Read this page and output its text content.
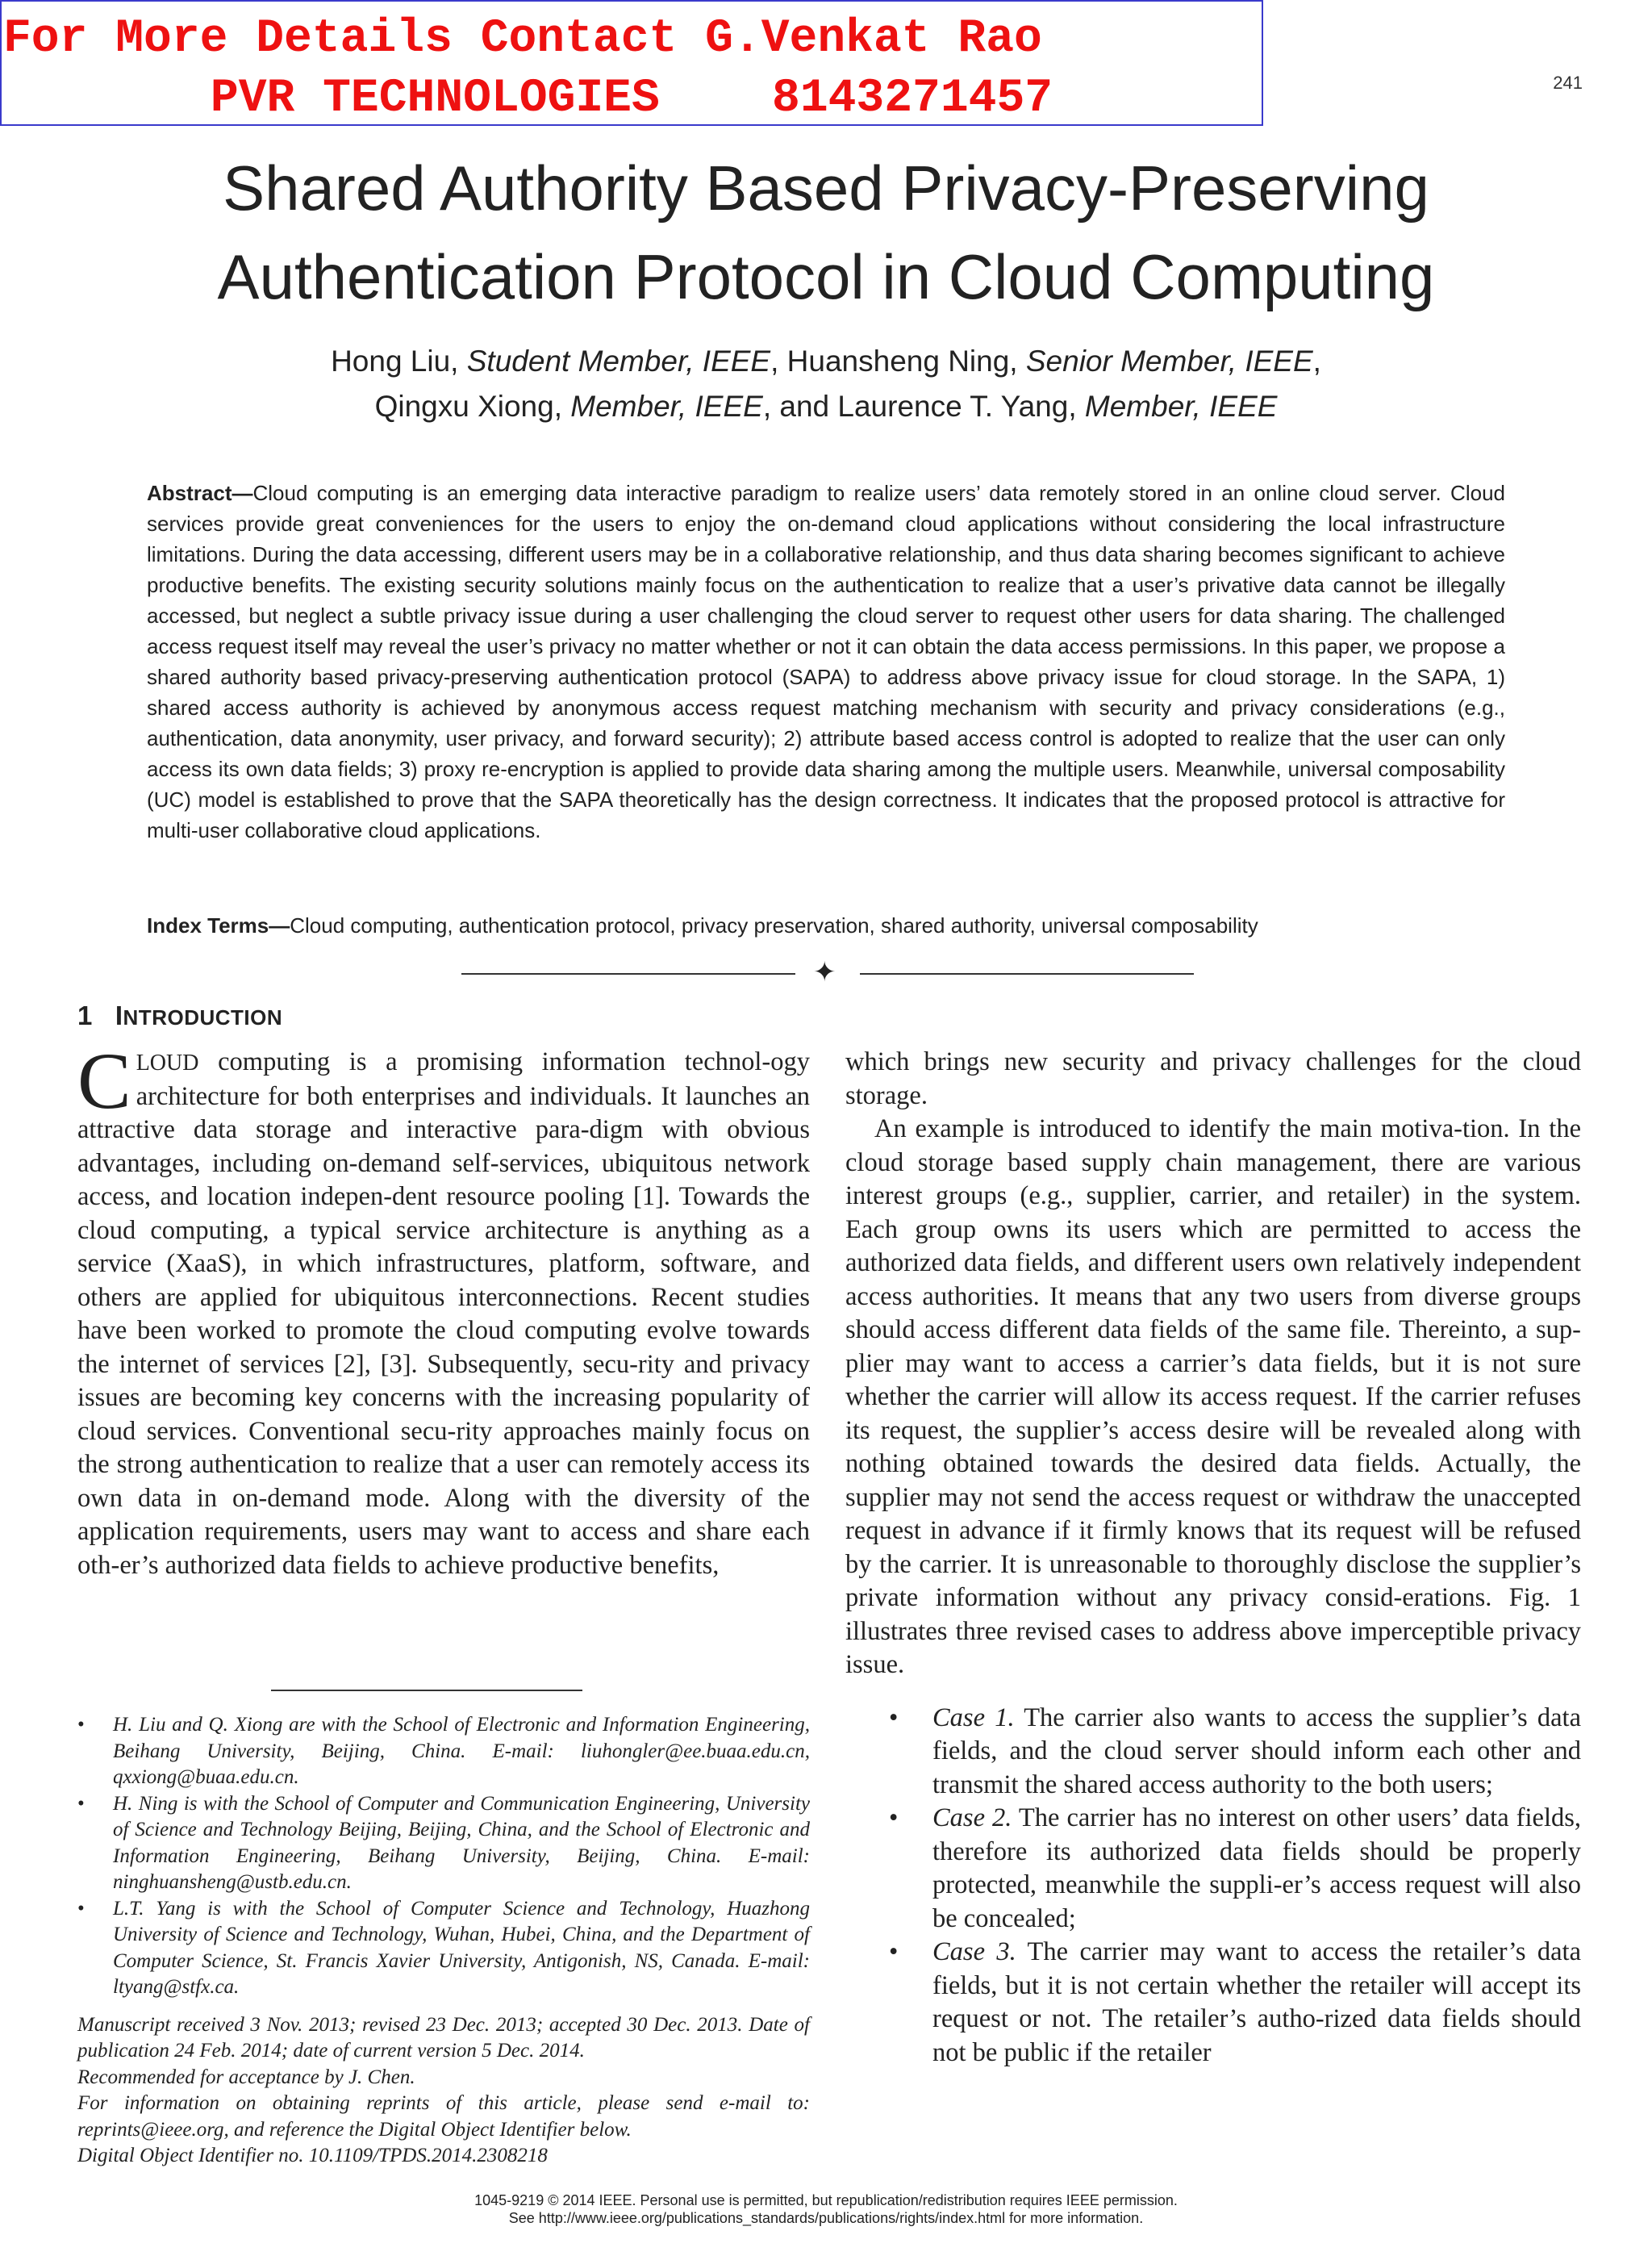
For More Details Contact G.Venkat Rao
PVR TECHNOLOGIES    8143271457	241
Shared Authority Based Privacy-Preserving
Authentication Protocol in Cloud Computing
Hong Liu, Student Member, IEEE, Huansheng Ning, Senior Member, IEEE,
Qingxu Xiong, Member, IEEE, and Laurence T. Yang, Member, IEEE
Abstract—Cloud computing is an emerging data interactive paradigm to realize users’ data remotely stored in an online cloud server. Cloud services provide great conveniences for the users to enjoy the on-demand cloud applications without considering the local infrastructure limitations. During the data accessing, different users may be in a collaborative relationship, and thus data sharing becomes significant to achieve productive benefits. The existing security solutions mainly focus on the authentication to realize that a user’s privative data cannot be illegally accessed, but neglect a subtle privacy issue during a user challenging the cloud server to request other users for data sharing. The challenged access request itself may reveal the user’s privacy no matter whether or not it can obtain the data access permissions. In this paper, we propose a shared authority based privacy-preserving authentication protocol (SAPA) to address above privacy issue for cloud storage. In the SAPA, 1) shared access authority is achieved by anonymous access request matching mechanism with security and privacy considerations (e.g., authentication, data anonymity, user privacy, and forward security); 2) attribute based access control is adopted to realize that the user can only access its own data fields; 3) proxy re-encryption is applied to provide data sharing among the multiple users. Meanwhile, universal composability (UC) model is established to prove that the SAPA theoretically has the design correctness. It indicates that the proposed protocol is attractive for multi-user collaborative cloud applications.
Index Terms—Cloud computing, authentication protocol, privacy preservation, shared authority, universal composability
✦
1 INTRODUCTION

CLOUD computing is a promising information technol-ogy architecture for both enterprises and individuals. It launches an attractive data storage and interactive para-digm with obvious advantages, including on-demand self-services, ubiquitous network access, and location indepen-dent resource pooling [1]. Towards the cloud computing, a typical service architecture is anything as a service (XaaS), in which infrastructures, platform, software, and others are applied for ubiquitous interconnections. Recent studies have been worked to promote the cloud computing evolve towards the internet of services [2], [3]. Subsequently, secu-rity and privacy issues are becoming key concerns with the increasing popularity of cloud services. Conventional secu-rity approaches mainly focus on the strong authentication to realize that a user can remotely access its own data in on-demand mode. Along with the diversity of the application requirements, users may want to access and share each oth-er’s authorized data fields to achieve productive benefits,

• H. Liu and Q. Xiong are with the School of Electronic and Information Engineering, Beihang University, Beijing, China. E-mail: liuhongler@ee.buaa.edu.cn, qxxiong@buaa.edu.cn.
• H. Ning is with the School of Computer and Communication Engineering, University of Science and Technology Beijing, Beijing, China, and the School of Electronic and Information Engineering, Beihang University, Beijing, China. E-mail: ninghuansheng@ustb.edu.cn.
• L.T. Yang is with the School of Computer Science and Technology, Huazhong University of Science and Technology, Wuhan, Hubei, China, and the Department of Computer Science, St. Francis Xavier University, Antigonish, NS, Canada. E-mail: ltyang@stfx.ca.

Manuscript received 3 Nov. 2013; revised 23 Dec. 2013; accepted 30 Dec. 2013. Date of publication 24 Feb. 2014; date of current version 5 Dec. 2014.

Recommended for acceptance by J. Chen.

For information on obtaining reprints of this article, please send e-mail to: reprints@ieee.org, and reference the Digital Object Identifier below.

Digital Object Identifier no. 10.1109/TPDS.2014.2308218

which brings new security and privacy challenges for the cloud storage.

An example is introduced to identify the main motiva-tion. In the cloud storage based supply chain management, there are various interest groups (e.g., supplier, carrier, and retailer) in the system. Each group owns its users which are permitted to access the authorized data fields, and different users own relatively independent access authorities. It means that any two users from diverse groups should access different data fields of the same file. Thereinto, a sup-plier may want to access a carrier’s data fields, but it is not sure whether the carrier will allow its access request. If the carrier refuses its request, the supplier’s access desire will be revealed along with nothing obtained towards the desired data fields. Actually, the supplier may not send the access request or withdraw the unaccepted request in advance if it firmly knows that its request will be refused by the carrier. It is unreasonable to thoroughly disclose the supplier’s private information without any privacy consid-erations. Fig. 1 illustrates three revised cases to address above imperceptible privacy issue.

• Case 1. The carrier also wants to access the supplier’s data fields, and the cloud server should inform each other and transmit the shared access authority to the both users;
• Case 2. The carrier has no interest on other users’ data fields, therefore its authorized data fields should be properly protected, meanwhile the suppli-er’s access request will also be concealed;
• Case 3. The carrier may want to access the retailer’s data fields, but it is not certain whether the retailer will accept its request or not. The retailer’s autho-rized data fields should not be public if the retailer
1045-9219 © 2014 IEEE. Personal use is permitted, but republication/redistribution requires IEEE permission.
See http://www.ieee.org/publications_standards/publications/rights/index.html for more information.
